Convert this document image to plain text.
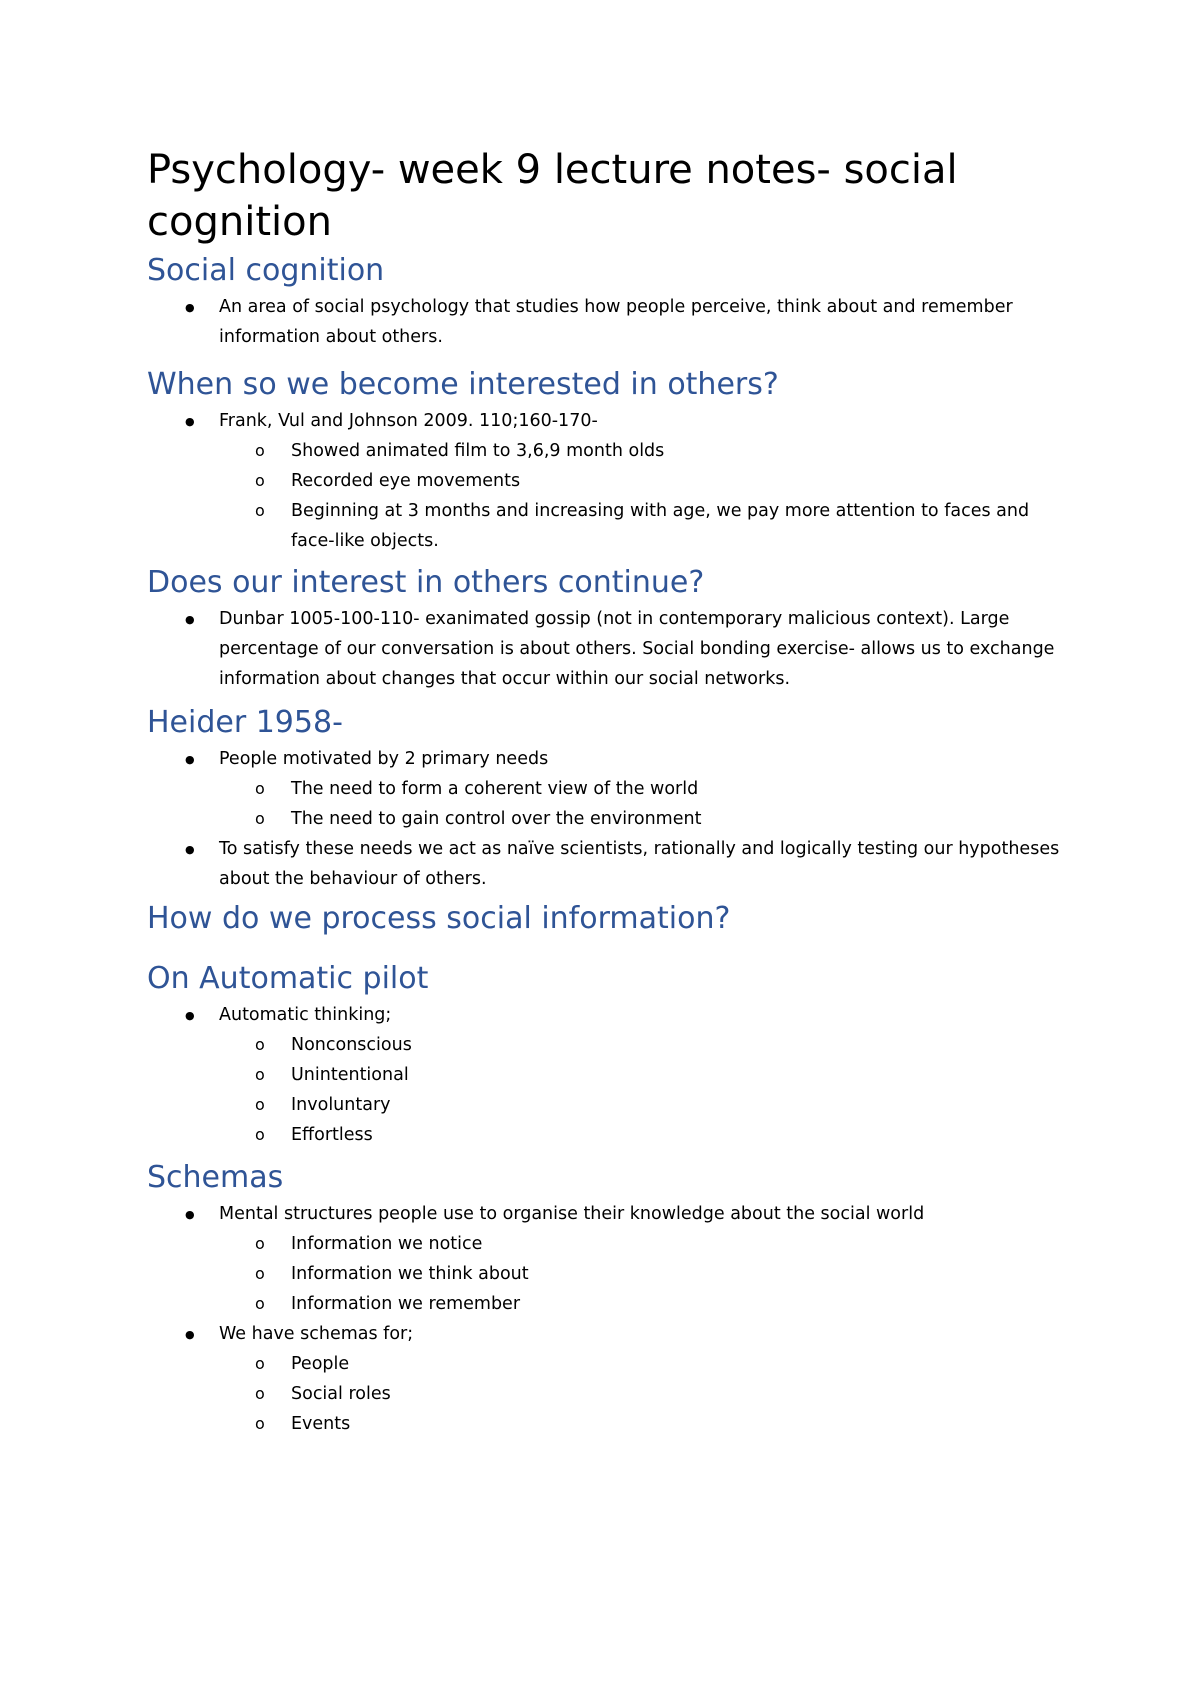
Psychology- week 9 lecture notes- social cognition
Social cognition
● An area of social psychology that studies how people perceive, think about and remember information about others.
When so we become interested in others?
● Frank, Vul and Johnson 2009. 110;160-170-
o Showed animated film to 3,6,9 month olds
o Recorded eye movements
o Beginning at 3 months and increasing with age, we pay more attention to faces and face-like objects.
Does our interest in others continue?
● Dunbar 1005-100-110- exanimated gossip (not in contemporary malicious context). Large percentage of our conversation is about others. Social bonding exercise- allows us to exchange information about changes that occur within our social networks.
Heider 1958-
● People motivated by 2 primary needs
o The need to form a coherent view of the world
o The need to gain control over the environment
● To satisfy these needs we act as naïve scientists, rationally and logically testing our hypotheses about the behaviour of others.
How do we process social information?
On Automatic pilot
● Automatic thinking;
o Nonconscious
o Unintentional
o Involuntary
o Effortless
Schemas
● Mental structures people use to organise their knowledge about the social world
o Information we notice
o Information we think about
o Information we remember
● We have schemas for;
o People
o Social roles
o Events
